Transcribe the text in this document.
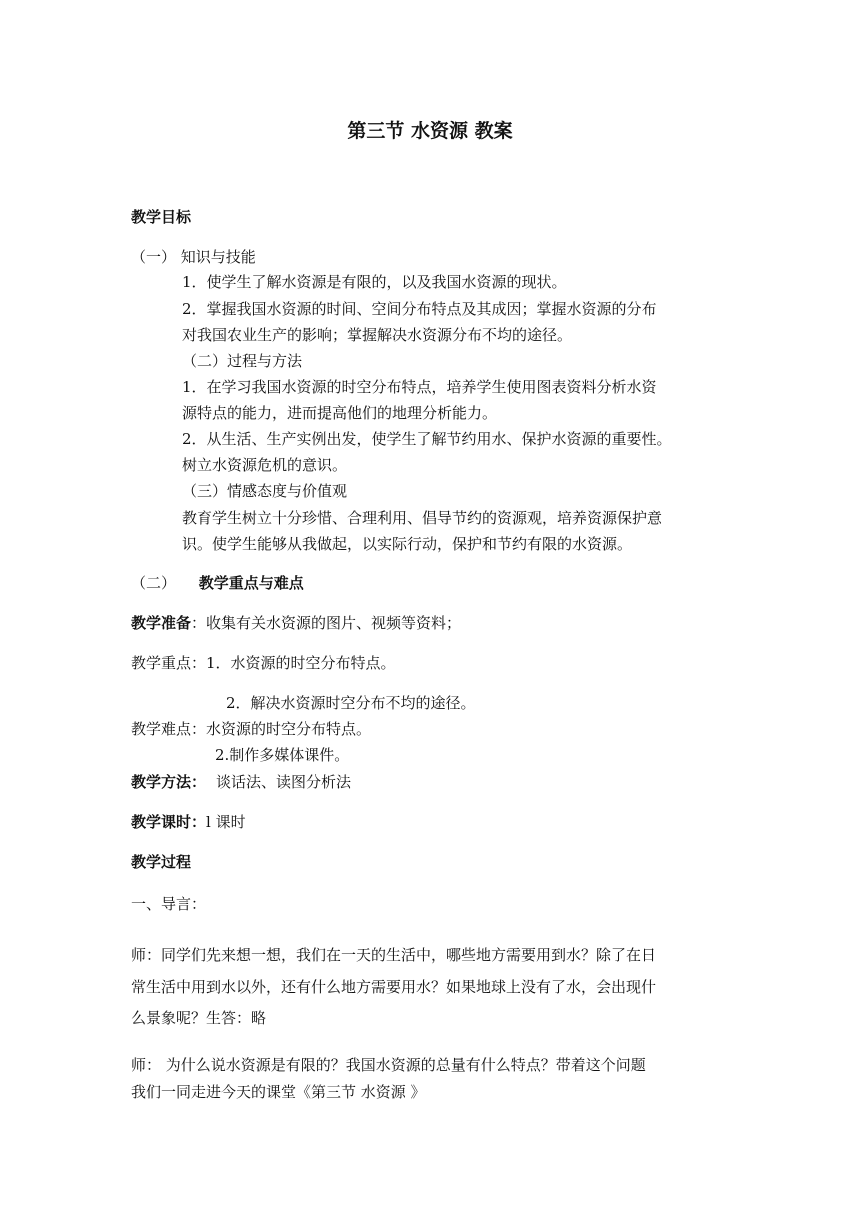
第三节 水资源 教案
教学目标
（一） 知识与技能
1．使学生了解水资源是有限的，以及我国水资源的现状。
2．掌握我国水资源的时间、空间分布特点及其成因；掌握水资源的分布
对我国农业生产的影响；掌握解决水资源分布不均的途径。
（二）过程与方法
1．在学习我国水资源的时空分布特点，培养学生使用图表资料分析水资
源特点的能力，进而提高他们的地理分析能力。
2．从生活、生产实例出发，使学生了解节约用水、保护水资源的重要性。
树立水资源危机的意识。
（三）情感态度与价值观
教育学生树立十分珍惜、合理利用、倡导节约的资源观，培养资源保护意
识。使学生能够从我做起，以实际行动，保护和节约有限的水资源。
（二） 教学重点与难点
教学准备：收集有关水资源的图片、视频等资料；
教学重点：1．水资源的时空分布特点。
2．解决水资源时空分布不均的途径。
教学难点：水资源的时空分布特点。
2.制作多媒体课件。
教学方法： 谈话法、读图分析法
教学课时：l 课时
教学过程
一、导言：
师：同学们先来想一想，我们在一天的生活中，哪些地方需要用到水？除了在日
常生活中用到水以外，还有什么地方需要用水？如果地球上没有了水，会出现什
么景象呢？生答：略
师： 为什么说水资源是有限的？我国水资源的总量有什么特点？带着这个问题
我们一同走进今天的课堂《第三节 水资源 》
